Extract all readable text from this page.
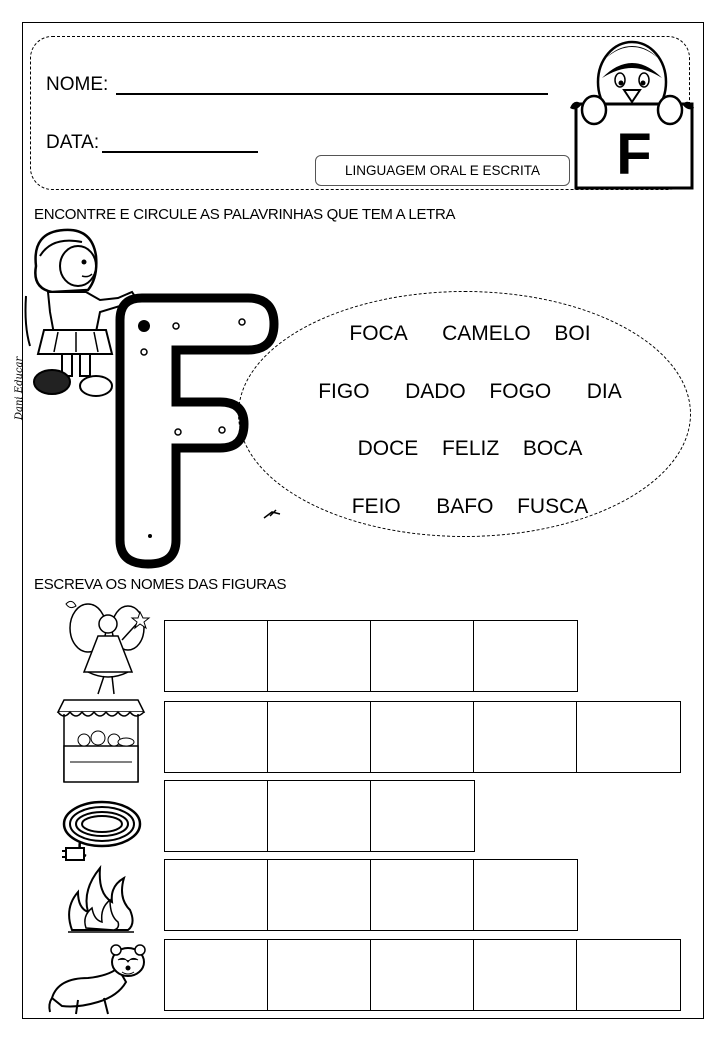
NOME:
DATA:
LINGUAGEM ORAL E ESCRITA	F
ENCONTRE E CIRCULE AS PALAVRINHAS QUE TEM A LETRA
FOCA   CAMELO  BOI
FIGO   DADO  FOGO   DIA
DOCE  FELIZ  BOCA
FEIO   BAFO  FUSCA
Dani Educar
ESCREVA OS NOMES DAS FIGURAS
